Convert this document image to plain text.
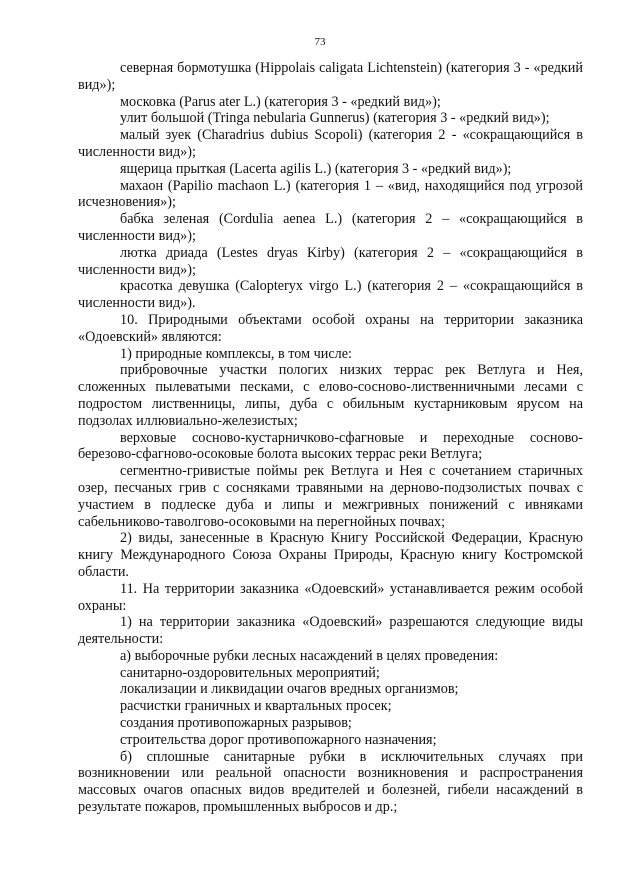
73

северная бормотушка (Hippolais caligata Lichtenstein) (категория 3 - «редкий вид»);

московка (Parus ater L.) (категория 3 - «редкий вид»);

улит большой (Tringa nebularia Gunnerus) (категория 3 - «редкий вид»);

малый зуек (Charadrius dubius Scopoli) (категория 2 - «сокращающийся в численности вид»);

ящерица прыткая (Lacerta agilis L.) (категория 3 - «редкий вид»);

махаон (Papilio machaon L.) (категория 1 – «вид, находящийся под угрозой исчезновения»);

бабка зеленая (Cordulia aenea L.) (категория 2 – «сокращающийся в численности вид»);

лютка дриада (Lestes dryas Kirby) (категория 2 – «сокращающийся в численности вид»);

красотка девушка (Calopteryx virgo L.) (категория 2 – «сокращающийся в численности вид»).

10. Природными объектами особой охраны на территории заказника «Одоевский» являются:

1) природные комплексы, в том числе:

прибровочные участки пологих низких террас рек Ветлуга и Нея, сложенных пылеватыми песками, с елово-сосново-лиственничными лесами с подростом лиственницы, липы, дуба с обильным кустарниковым ярусом на подзолах иллювиально-железистых;

верховые сосново-кустарничково-сфагновые и переходные сосново-березово-сфагново-осоковые болота высоких террас реки Ветлуга;

сегментно-гривистые поймы рек Ветлуга и Нея с сочетанием старичных озер, песчаных грив с сосняками травяными на дерново-подзолистых почвах с участием в подлеске дуба и липы и межгривных понижений с ивняками сабельниково-таволгово-осоковыми на перегнойных почвах;

2) виды, занесенные в Красную Книгу Российской Федерации, Красную книгу Международного Союза Охраны Природы, Красную книгу Костромской области.

11. На территории заказника «Одоевский» устанавливается режим особой охраны:

1) на территории заказника «Одоевский» разрешаются следующие виды деятельности:

а) выборочные рубки лесных насаждений в целях проведения:

санитарно-оздоровительных мероприятий;

локализации и ликвидации очагов вредных организмов;

расчистки граничных и квартальных просек;

создания противопожарных разрывов;

строительства дорог противопожарного назначения;

б) сплошные санитарные рубки в исключительных случаях при возникновении или реальной опасности возникновения и распространения массовых очагов опасных видов вредителей и болезней, гибели насаждений в результате пожаров, промышленных выбросов и др.;
